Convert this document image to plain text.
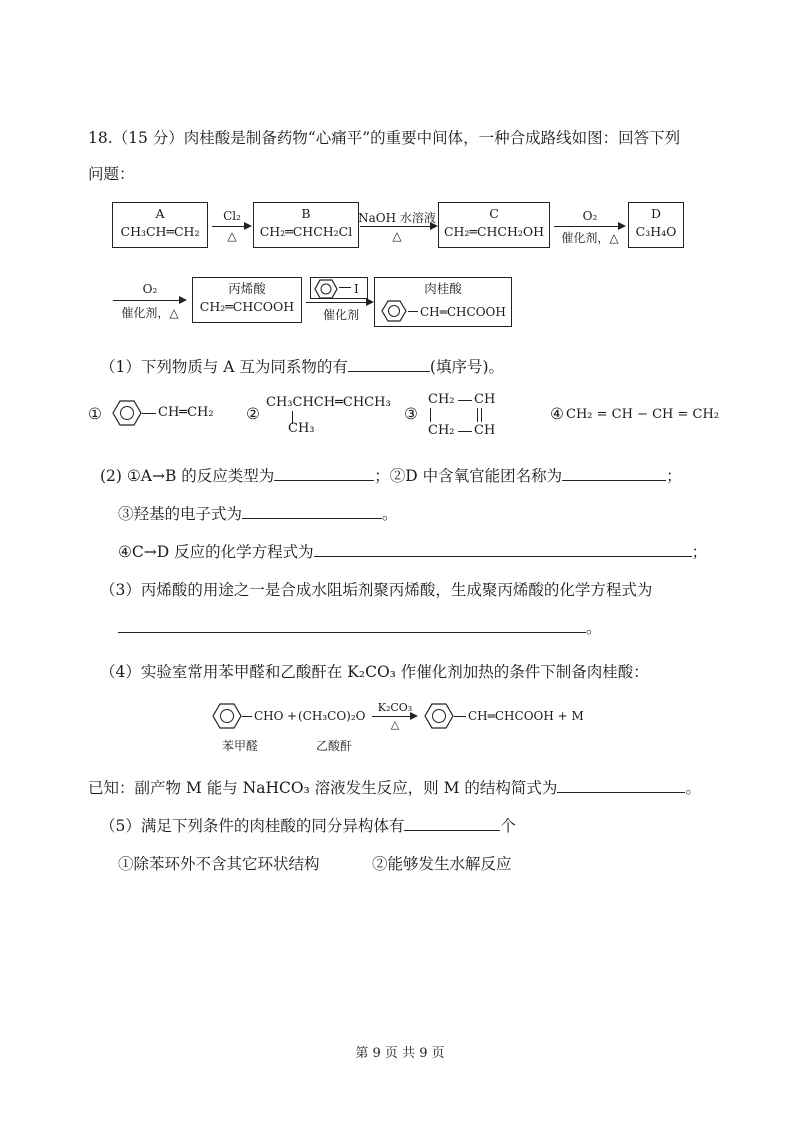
18.（15 分）肉桂酸是制备药物“心痛平”的重要中间体，一种合成路线如图：回答下列
问题：
A
CH₃CH═CH₂
Cl₂
△
B
CH₂═CHCH₂Cl
NaOH 水溶液
△
C
CH₂═CHCH₂OH
O₂
催化剂，△
D
C₃H₄O
O₂
催化剂，△
丙烯酸
CH₂═CHCOOH
I
催化剂
肉桂酸
CH═CHCOOH
（1）下列物质与 A 互为同系物的有	(填序号)。
①	CH═CH₂ ②
CH₃CHCH═CHCH₃
CH₃
③
CH₂ CH
CH₂ CH
④ CH₂ = CH − CH = CH₂
(2) ①A→B 的反应类型为	；②D 中含氧官能团名称为	；
③羟基的电子式为	。
④C→D 反应的化学方程式为	；
（3）丙烯酸的用途之一是合成水阻垢剂聚丙烯酸，生成聚丙烯酸的化学方程式为
。
（4）实验室常用苯甲醛和乙酸酐在 K₂CO₃ 作催化剂加热的条件下制备肉桂酸：
CHO + (CH₃CO)₂O
K₂CO₃
△
CH═CHCOOH + M
苯甲醛	乙酸酐
已知：副产物 M 能与 NaHCO₃ 溶液发生反应，则 M 的结构简式为	。
（5）满足下列条件的肉桂酸的同分异构体有	个
①除苯环外不含其它环状结构	②能够发生水解反应
第 9 页 共 9 页
